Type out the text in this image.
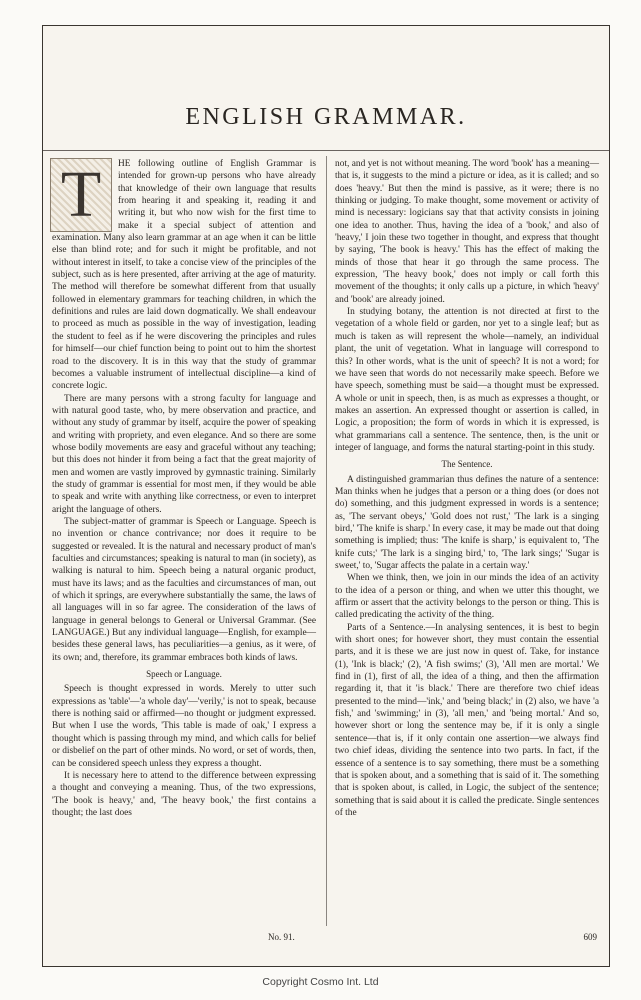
ENGLISH GRAMMAR.
T	HE following outline of English Grammar is intended for grown-up persons who have already that knowledge of their own language that results from hearing it and speaking it, reading it and writing it, but who now wish for the first time to make it a special subject of attention and examination. Many also learn grammar at an age when it can be little else than blind rote; and for such it might be profitable, and not without interest in itself, to take a concise view of the principles of the subject, such as is here presented, after arriving at the age of maturity. The method will therefore be somewhat different from that usually followed in elementary grammars for teaching children, in which the definitions and rules are laid down dogmatically. We shall endeavour to proceed as much as possible in the way of investigation, leading the student to feel as if he were discovering the principles and rules for himself—our chief function being to point out to him the shortest road to the discovery. It is in this way that the study of grammar becomes a valuable instrument of intellectual discipline—a kind of concrete logic.

There are many persons with a strong faculty for language and with natural good taste, who, by mere observation and practice, and without any study of grammar by itself, acquire the power of speaking and writing with propriety, and even elegance. And so there are some whose bodily movements are easy and graceful without any teaching; but this does not hinder it from being a fact that the great majority of men and women are vastly improved by gymnastic training. Similarly the study of grammar is essential for most men, if they would be able to speak and write with anything like correctness, or even to interpret aright the language of others.

The subject-matter of grammar is Speech or Language. Speech is no invention or chance contrivance; nor does it require to be suggested or revealed. It is the natural and necessary product of man's faculties and circumstances; speaking is natural to man (in society), as walking is natural to him. Speech being a natural organic product, must have its laws; and as the faculties and circumstances of man, out of which it springs, are everywhere substantially the same, the laws of all languages will in so far agree. The consideration of the laws of language in general belongs to General or Universal Grammar. (See LANGUAGE.) But any individual language—English, for example—besides these general laws, has peculiarities—a genius, as it were, of its own; and, therefore, its grammar embraces both kinds of laws.

Speech or Language.

Speech is thought expressed in words. Merely to utter such expressions as 'table'—'a whole day'—'verily,' is not to speak, because there is nothing said or affirmed—no thought or judgment expressed. But when I use the words, 'This table is made of oak,' I express a thought which is passing through my mind, and which calls for belief or disbelief on the part of other minds. No word, or set of words, then, can be considered speech unless they express a thought.

It is necessary here to attend to the difference between expressing a thought and conveying a meaning. Thus, of the two expressions, 'The book is heavy,' and, 'The heavy book,' the first contains a thought; the last does

not, and yet is not without meaning. The word 'book' has a meaning—that is, it suggests to the mind a picture or idea, as it is called; and so does 'heavy.' But then the mind is passive, as it were; there is no thinking or judging. To make thought, some movement or activity of mind is necessary: logicians say that that activity consists in joining one idea to another. Thus, having the idea of a 'book,' and also of 'heavy,' I join these two together in thought, and express that thought by saying, 'The book is heavy.' This has the effect of making the minds of those that hear it go through the same process. The expression, 'The heavy book,' does not imply or call forth this movement of the thoughts; it only calls up a picture, in which 'heavy' and 'book' are already joined.

In studying botany, the attention is not directed at first to the vegetation of a whole field or garden, nor yet to a single leaf; but as much is taken as will represent the whole—namely, an individual plant, the unit of vegetation. What in language will correspond to this? In other words, what is the unit of speech? It is not a word; for we have seen that words do not necessarily make speech. Before we have speech, something must be said—a thought must be expressed. A whole or unit in speech, then, is as much as expresses a thought, or makes an assertion. An expressed thought or assertion is called, in Logic, a proposition; the form of words in which it is expressed, is what grammarians call a sentence. The sentence, then, is the unit or integer of language, and forms the natural starting-point in this study.

The Sentence.

A distinguished grammarian thus defines the nature of a sentence: Man thinks when he judges that a person or a thing does (or does not do) something, and this judgment expressed in words is a sentence; as, 'The servant obeys,' 'Gold does not rust,' 'The lark is a singing bird,' 'The knife is sharp.' In every case, it may be made out that doing something is implied; thus: 'The knife is sharp,' is equivalent to, 'The knife cuts;' 'The lark is a singing bird,' to, 'The lark sings;' 'Sugar is sweet,' to, 'Sugar affects the palate in a certain way.'

When we think, then, we join in our minds the idea of an activity to the idea of a person or thing, and when we utter this thought, we affirm or assert that the activity belongs to the person or thing. This is called predicating the activity of the thing.

Parts of a Sentence.—In analysing sentences, it is best to begin with short ones; for however short, they must contain the essential parts, and it is these we are just now in quest of. Take, for instance (1), 'Ink is black;' (2), 'A fish swims;' (3), 'All men are mortal.' We find in (1), first of all, the idea of a thing, and then the affirmation regarding it, that it 'is black.' There are therefore two chief ideas presented to the mind—'ink,' and 'being black;' in (2) also, we have 'a fish,' and 'swimming;' in (3), 'all men,' and 'being mortal.' And so, however short or long the sentence may be, if it is only a single sentence—that is, if it only contain one assertion—we always find two chief ideas, dividing the sentence into two parts. In fact, if the essence of a sentence is to say something, there must be a something that is spoken about, and a something that is said of it. The something that is spoken about, is called, in Logic, the subject of the sentence; something that is said about it is called the predicate. Single sentences of the

No. 91.	609
Copyright Cosmo Int. Ltd
